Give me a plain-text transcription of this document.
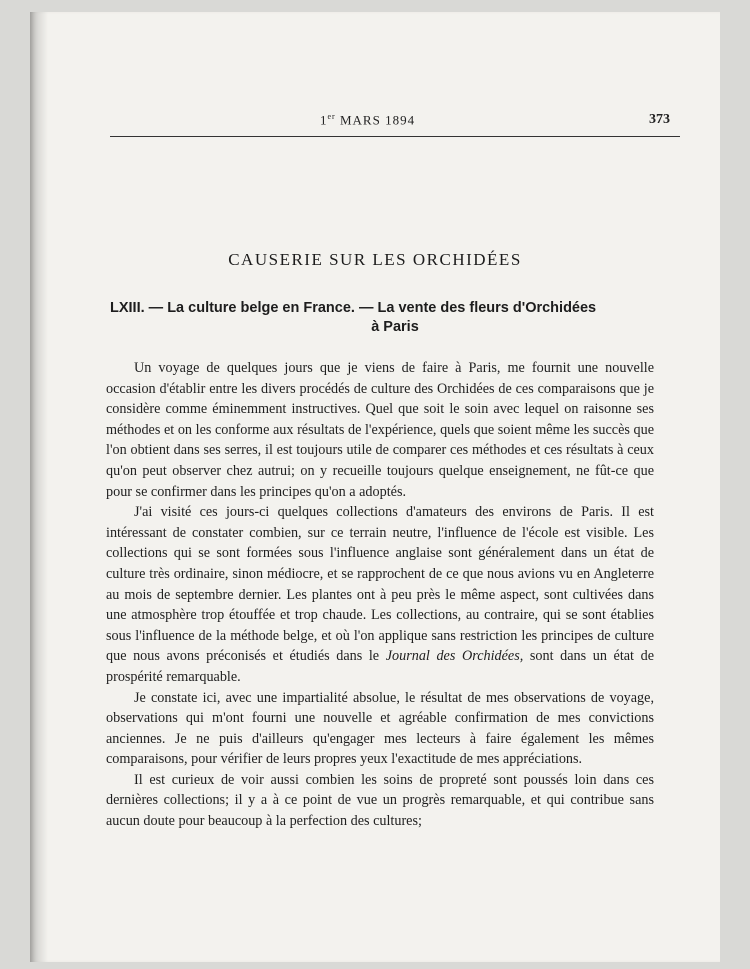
1er MARS 1894	373
CAUSERIE SUR LES ORCHIDÉES
LXIII. — La culture belge en France. — La vente des fleurs d'Orchidées
à Paris

Un voyage de quelques jours que je viens de faire à Paris, me fournit une nouvelle occasion d'établir entre les divers procédés de culture des Orchidées de ces comparaisons que je considère comme éminemment instructives. Quel que soit le soin avec lequel on raisonne ses méthodes et on les conforme aux résultats de l'expérience, quels que soient même les succès que l'on obtient dans ses serres, il est toujours utile de comparer ces méthodes et ces résultats à ceux qu'on peut observer chez autrui; on y recueille toujours quelque enseignement, ne fût-ce que pour se confirmer dans les principes qu'on a adoptés.

J'ai visité ces jours-ci quelques collections d'amateurs des environs de Paris. Il est intéressant de constater combien, sur ce terrain neutre, l'influence de l'école est visible. Les collections qui se sont formées sous l'influence anglaise sont généralement dans un état de culture très ordinaire, sinon médiocre, et se rapprochent de ce que nous avions vu en Angleterre au mois de septembre dernier. Les plantes ont à peu près le même aspect, sont cultivées dans une atmosphère trop étouffée et trop chaude. Les collections, au contraire, qui se sont établies sous l'influence de la méthode belge, et où l'on applique sans restriction les principes de culture que nous avons préconisés et étudiés dans le Journal des Orchidées, sont dans un état de prospérité remarquable.

Je constate ici, avec une impartialité absolue, le résultat de mes observations de voyage, observations qui m'ont fourni une nouvelle et agréable confirmation de mes convictions anciennes. Je ne puis d'ailleurs qu'engager mes lecteurs à faire également les mêmes comparaisons, pour vérifier de leurs propres yeux l'exactitude de mes appréciations.

Il est curieux de voir aussi combien les soins de propreté sont poussés loin dans ces dernières collections; il y a à ce point de vue un progrès remarquable, et qui contribue sans aucun doute pour beaucoup à la perfection des cultures;
